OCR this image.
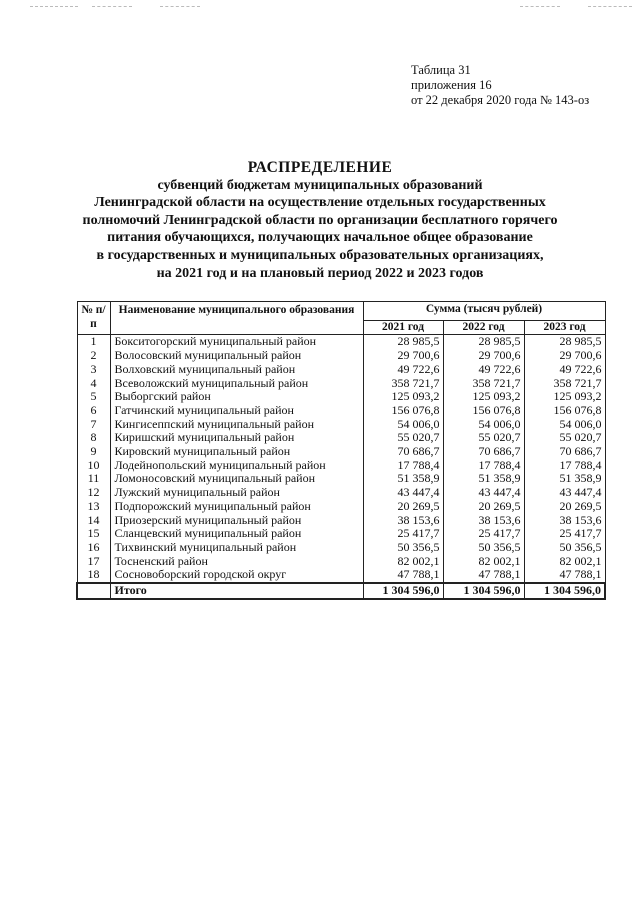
Таблица 31
приложения 16
от 22 декабря 2020 года № 143-оз
РАСПРЕДЕЛЕНИЕ
субвенций бюджетам муниципальных образований
Ленинградской области на осуществление отдельных государственных
полномочий Ленинградской области по организации бесплатного горячего
питания обучающихся, получающих начальное общее образование
в государственных и муниципальных образовательных организациях,
на 2021 год и на плановый период 2022 и 2023 годов
№ п/п	Наименование муниципального образования	Сумма (тысяч рублей)		
		2021 год	2022 год	2023 год
1	Бокситогорский муниципальный район	28 985,5	28 985,5	28 985,5
2	Волосовский муниципальный район	29 700,6	29 700,6	29 700,6
3	Волховский муниципальный район	49 722,6	49 722,6	49 722,6
4	Всеволожский муниципальный район	358 721,7	358 721,7	358 721,7
5	Выборгский район	125 093,2	125 093,2	125 093,2
6	Гатчинский муниципальный район	156 076,8	156 076,8	156 076,8
7	Кингисеппский муниципальный район	54 006,0	54 006,0	54 006,0
8	Киришский муниципальный район	55 020,7	55 020,7	55 020,7
9	Кировский муниципальный район	70 686,7	70 686,7	70 686,7
10	Лодейнопольский муниципальный район	17 788,4	17 788,4	17 788,4
11	Ломоносовский муниципальный район	51 358,9	51 358,9	51 358,9
12	Лужский муниципальный район	43 447,4	43 447,4	43 447,4
13	Подпорожский муниципальный район	20 269,5	20 269,5	20 269,5
14	Приозерский муниципальный район	38 153,6	38 153,6	38 153,6
15	Сланцевский муниципальный район	25 417,7	25 417,7	25 417,7
16	Тихвинский муниципальный район	50 356,5	50 356,5	50 356,5
17	Тосненский район	82 002,1	82 002,1	82 002,1
18	Сосновоборский городской округ	47 788,1	47 788,1	47 788,1
	Итого	1 304 596,0	1 304 596,0	1 304 596,0
